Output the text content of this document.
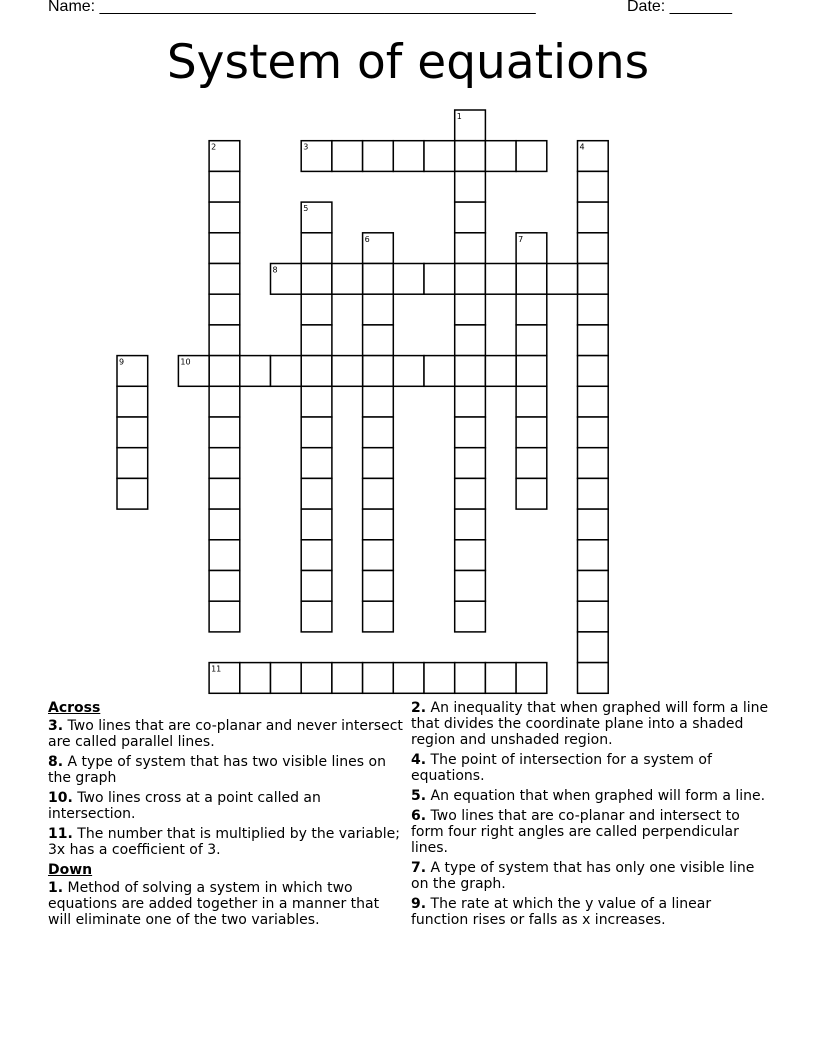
Name: _________________________________________________	Date: _______
System of equations
1
2	3	4
5
6	7
8
9	10
11
Across
3. Two lines that are co-planar and never intersect are called parallel lines.
8. A type of system that has two visible lines on the graph
10. Two lines cross at a point called an intersection.
11. The number that is multiplied by the variable; 3x has a coefficient of 3.
Down
1. Method of solving a system in which two equations are added together in a manner that will eliminate one of the two variables.
2. An inequality that when graphed will form a line that divides the coordinate plane into a shaded region and unshaded region.
4. The point of intersection for a system of equations.
5. An equation that when graphed will form a line.
6. Two lines that are co-planar and intersect to form four right angles are called perpendicular lines.
7. A type of system that has only one visible line on the graph.
9. The rate at which the y value of a linear function rises or falls as x increases.
